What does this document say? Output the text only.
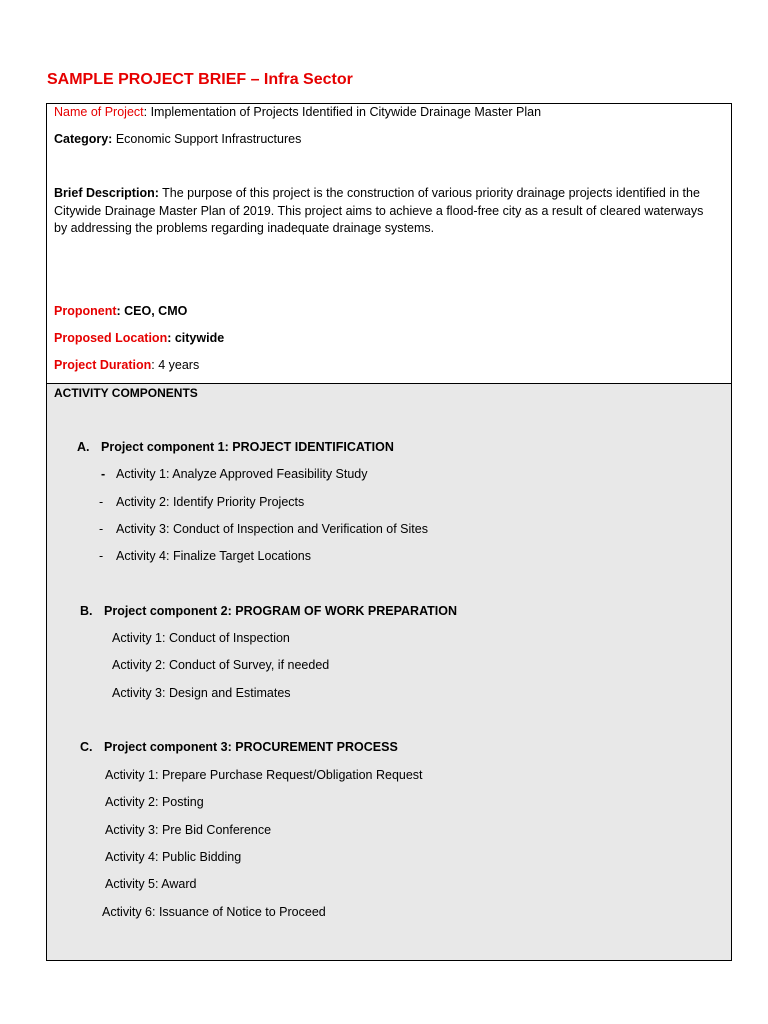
SAMPLE PROJECT BRIEF – Infra Sector
Name of Project: Implementation of Projects Identified in Citywide Drainage Master Plan
Category: Economic Support Infrastructures
Brief Description: The purpose of this project is the construction of various priority drainage projects identified in the Citywide Drainage Master Plan of 2019. This project aims to achieve a flood-free city as a result of cleared waterways by addressing the problems regarding inadequate drainage systems.
Proponent: CEO, CMO
Proposed Location: citywide
Project Duration: 4 years
ACTIVITY COMPONENTS
A. Project component 1: PROJECT IDENTIFICATION
- Activity 1: Analyze Approved Feasibility Study
- Activity 2: Identify Priority Projects
- Activity 3: Conduct of Inspection and Verification of Sites
- Activity 4: Finalize Target Locations
B. Project component 2: PROGRAM OF WORK PREPARATION
Activity 1: Conduct of Inspection
Activity 2: Conduct of Survey, if needed
Activity 3: Design and Estimates
C. Project component 3: PROCUREMENT PROCESS
Activity 1: Prepare Purchase Request/Obligation Request
Activity 2: Posting
Activity 3: Pre Bid Conference
Activity 4: Public Bidding
Activity 5: Award
Activity 6: Issuance of Notice to Proceed
